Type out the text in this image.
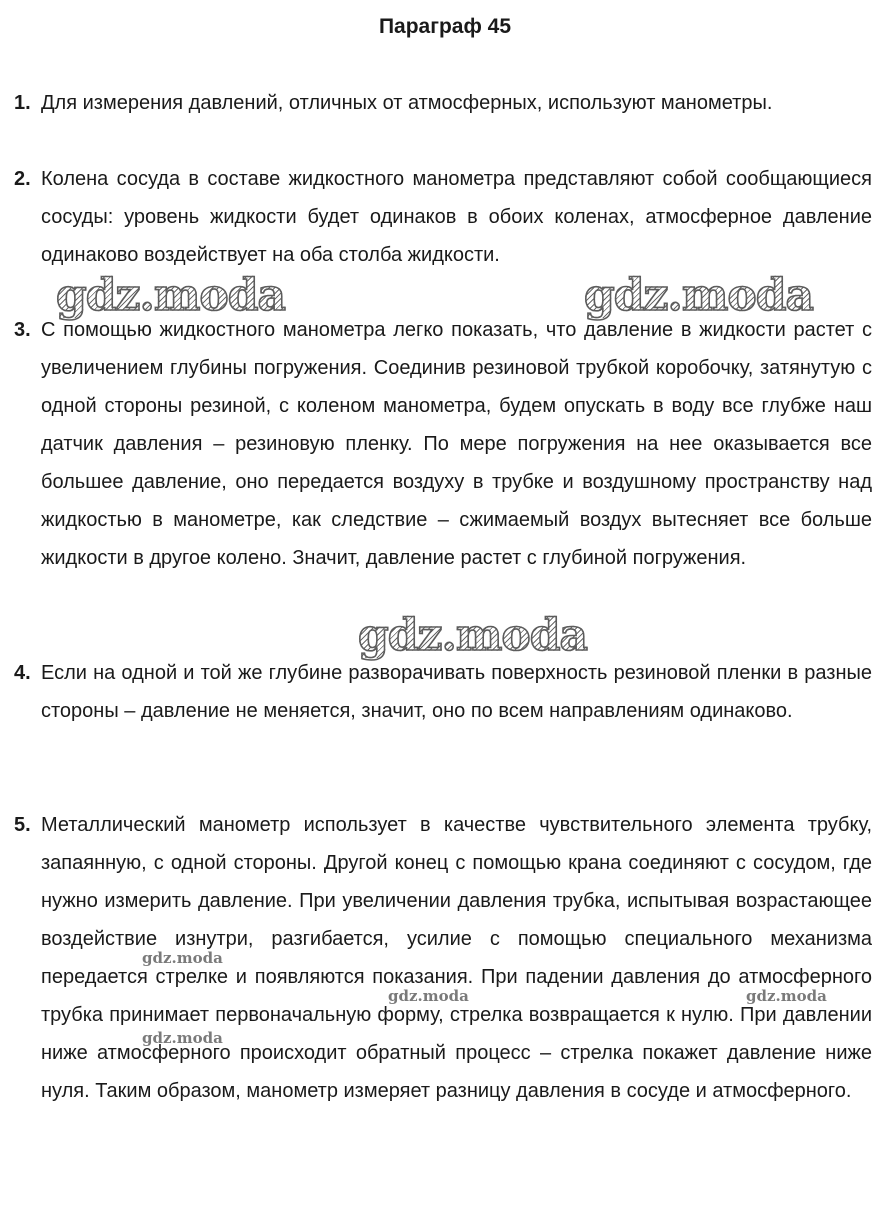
Параграф 45
1. Для измерения давлений, отличных от атмосферных, используют манометры.
2. Колена сосуда в составе жидкостного манометра представляют собой сообщающиеся сосуды: уровень жидкости будет одинаков в обоих коленах, атмосферное давление одинаково воздействует на оба столба жидкости.
3. С помощью жидкостного манометра легко показать, что давление в жидкости растет с увеличением глубины погружения. Соединив резиновой трубкой коробочку, затянутую с одной стороны резиной, с коленом манометра, будем опускать в воду все глубже наш датчик давления – резиновую пленку. По мере погружения на нее оказывается все большее давление, оно передается воздуху в трубке и воздушному пространству над жидкостью в манометре, как следствие – сжимаемый воздух вытесняет все больше жидкости в другое колено. Значит, давление растет с глубиной погружения.
4. Если на одной и той же глубине разворачивать поверхность резиновой пленки в разные стороны – давление не меняется, значит, оно по всем направлениям одинаково.
5. Металлический манометр использует в качестве чувствительного элемента трубку, запаянную, с одной стороны. Другой конец с помощью крана соединяют с сосудом, где нужно измерить давление. При увеличении давления трубка, испытывая возрастающее воздействие изнутри, разгибается, усилие с помощью специального механизма передается стрелке и появляются показания. При падении давления до атмосферного трубка принимает первоначальную форму, стрелка возвращается к нулю. При давлении ниже атмосферного происходит обратный процесс – стрелка покажет давление ниже нуля. Таким образом, манометр измеряет разницу давления в сосуде и атмосферного.
gdz.moda	gdz.moda
gdz.moda
gdz.moda
gdz.moda	gdz.moda
gdz.moda
